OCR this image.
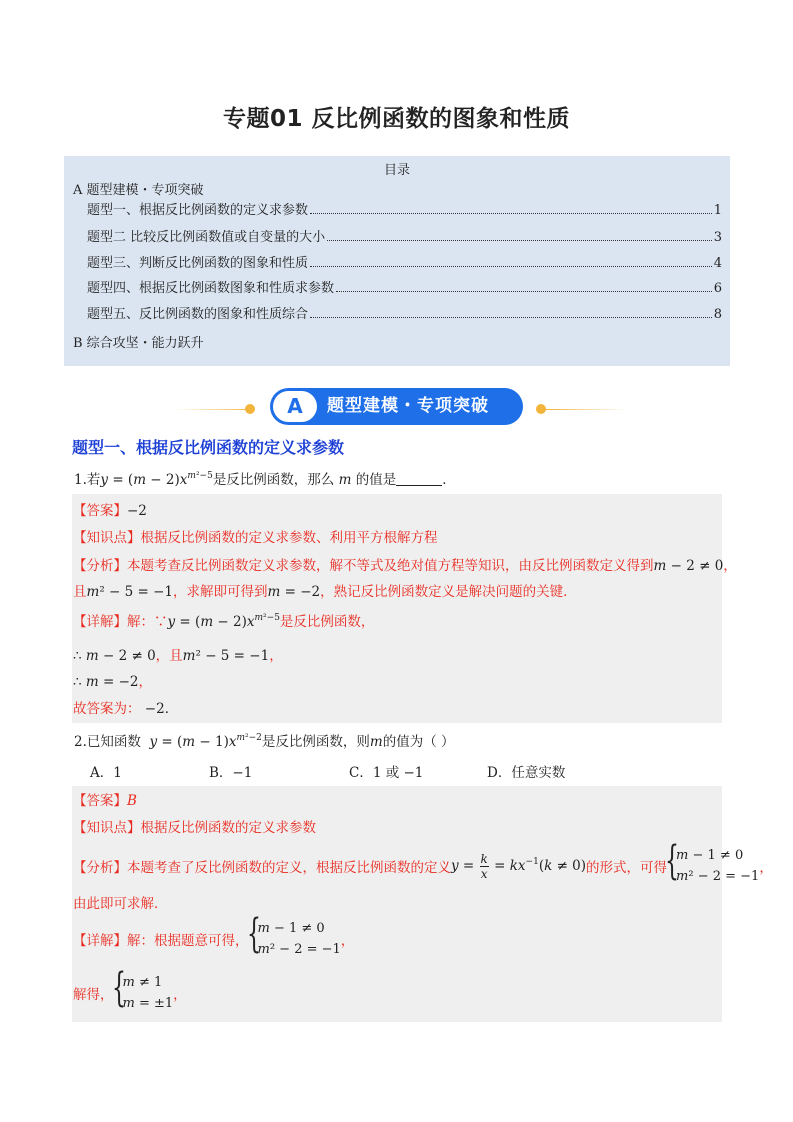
专题01 反比例函数的图象和性质
目录
A 题型建模・专项突破
题型一、根据反比例函数的定义求参数	1
题型二 比较反比例函数值或自变量的大小	3
题型三、判断反比例函数的图象和性质	4
题型四、根据反比例函数图象和性质求参数	6
题型五、反比例函数的图象和性质综合	8
B 综合攻坚・能力跃升
A	题型建模・专项突破
题型一、根据反比例函数的定义求参数
1.若$y = (m - 2)x^{m^2-5}$是反比例函数，那么 m 的值是	．
【答案】−2
【知识点】根据反比例函数的定义求参数、利用平方根解方程
【分析】本题考查反比例函数定义求参数，解不等式及绝对值方程等知识，由反比例函数定义得到m − 2 ≠ 0，
且m² − 5 = −1，求解即可得到m = −2，熟记反比例函数定义是解决问题的关键．
【详解】解：∵y = $(m - 2)x^{m^2-5}$是反比例函数，
∴ m − 2 ≠ 0，且m² − 5 = −1，
∴ m = −2，
故答案为： −2．
2.已知函数 $y = (m - 1)x^{m^2-2}$是反比例函数，则m的值为（ ）
A．1	B．−1	C．1 或 −1	D．任意实数
【答案】B
【知识点】根据反比例函数的定义求参数
【分析】 本题考查了反比例函数的定义，根据反比例函数的定义 $y = \frac{k}{x} = kx^{-1}(k \ne 0)$ 的形式，可得
{ m − 1 ≠ 0
m² − 2 = −1
，
由此即可求解．
【详解】 解：根据题意可得，
{ m − 1 ≠ 0
m² − 2 = −1
，
解得，
{ m ≠ 1
m = ±1
，
